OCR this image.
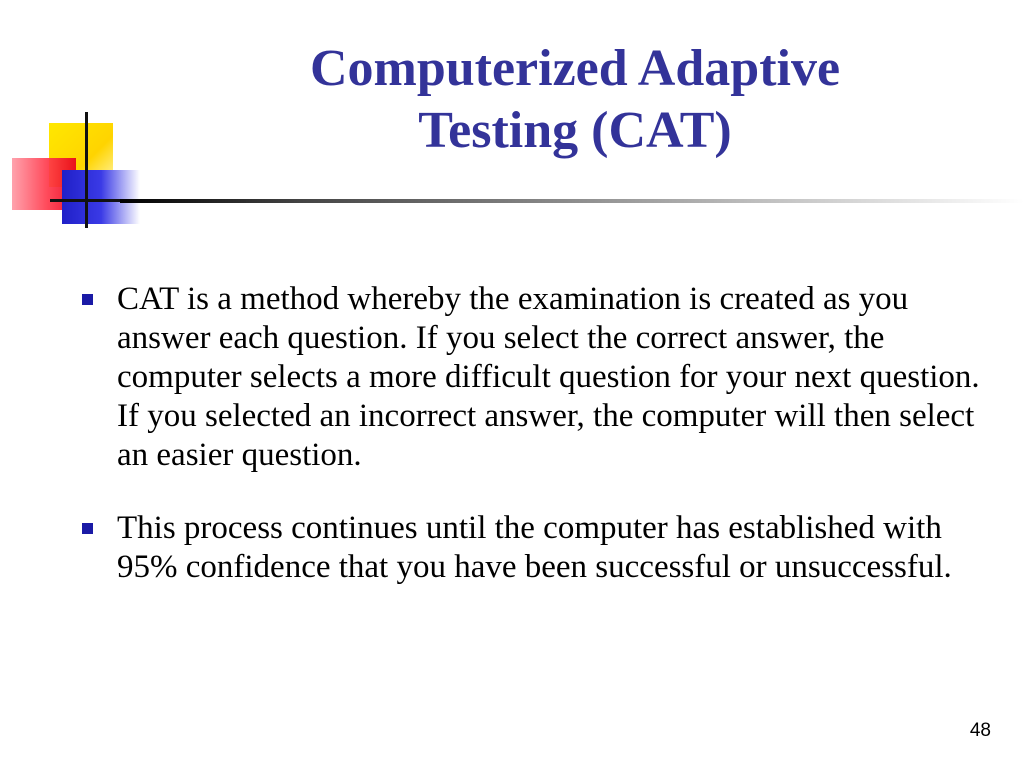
Computerized Adaptive
Testing (CAT)
CAT is a method whereby the examination is created as you answer each question. If you select the correct answer, the computer selects a more difficult question for your next question. If you selected an incorrect answer, the computer will then select an easier question.
This process continues until the computer has established with 95% confidence that you have been successful or unsuccessful.
48
